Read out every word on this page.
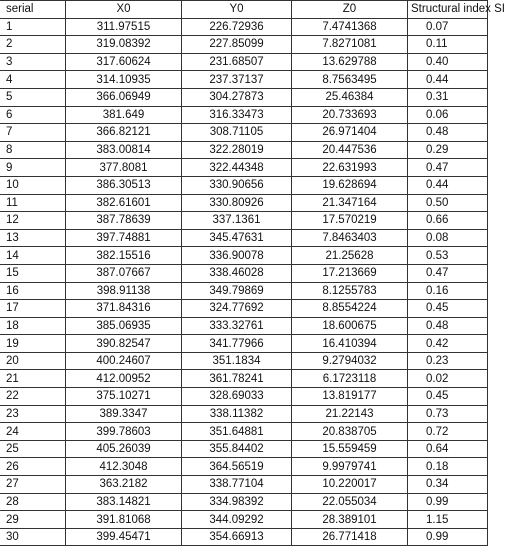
serial	X0	Y0	Z0	Structural index SI
1	311.97515	226.72936	7.4741368	0.07
2	319.08392	227.85099	7.8271081	0.11
3	317.60624	231.68507	13.629788	0.40
4	314.10935	237.37137	8.7563495	0.44
5	366.06949	304.27873	25.46384	0.31
6	381.649	316.33473	20.733693	0.06
7	366.82121	308.71105	26.971404	0.48
8	383.00814	322.28019	20.447536	0.29
9	377.8081	322.44348	22.631993	0.47
10	386.30513	330.90656	19.628694	0.44
11	382.61601	330.80926	21.347164	0.50
12	387.78639	337.1361	17.570219	0.66
13	397.74881	345.47631	7.8463403	0.08
14	382.15516	336.90078	21.25628	0.53
15	387.07667	338.46028	17.213669	0.47
16	398.91138	349.79869	8.1255783	0.16
17	371.84316	324.77692	8.8554224	0.45
18	385.06935	333.32761	18.600675	0.48
19	390.82547	341.77966	16.410394	0.42
20	400.24607	351.1834	9.2794032	0.23
21	412.00952	361.78241	6.1723118	0.02
22	375.10271	328.69033	13.819177	0.45
23	389.3347	338.11382	21.22143	0.73
24	399.78603	351.64881	20.838705	0.72
25	405.26039	355.84402	15.559459	0.64
26	412.3048	364.56519	9.9979741	0.18
27	363.2182	338.77104	10.220017	0.34
28	383.14821	334.98392	22.055034	0.99
29	391.81068	344.09292	28.389101	1.15
30	399.45471	354.66913	26.771418	0.99
